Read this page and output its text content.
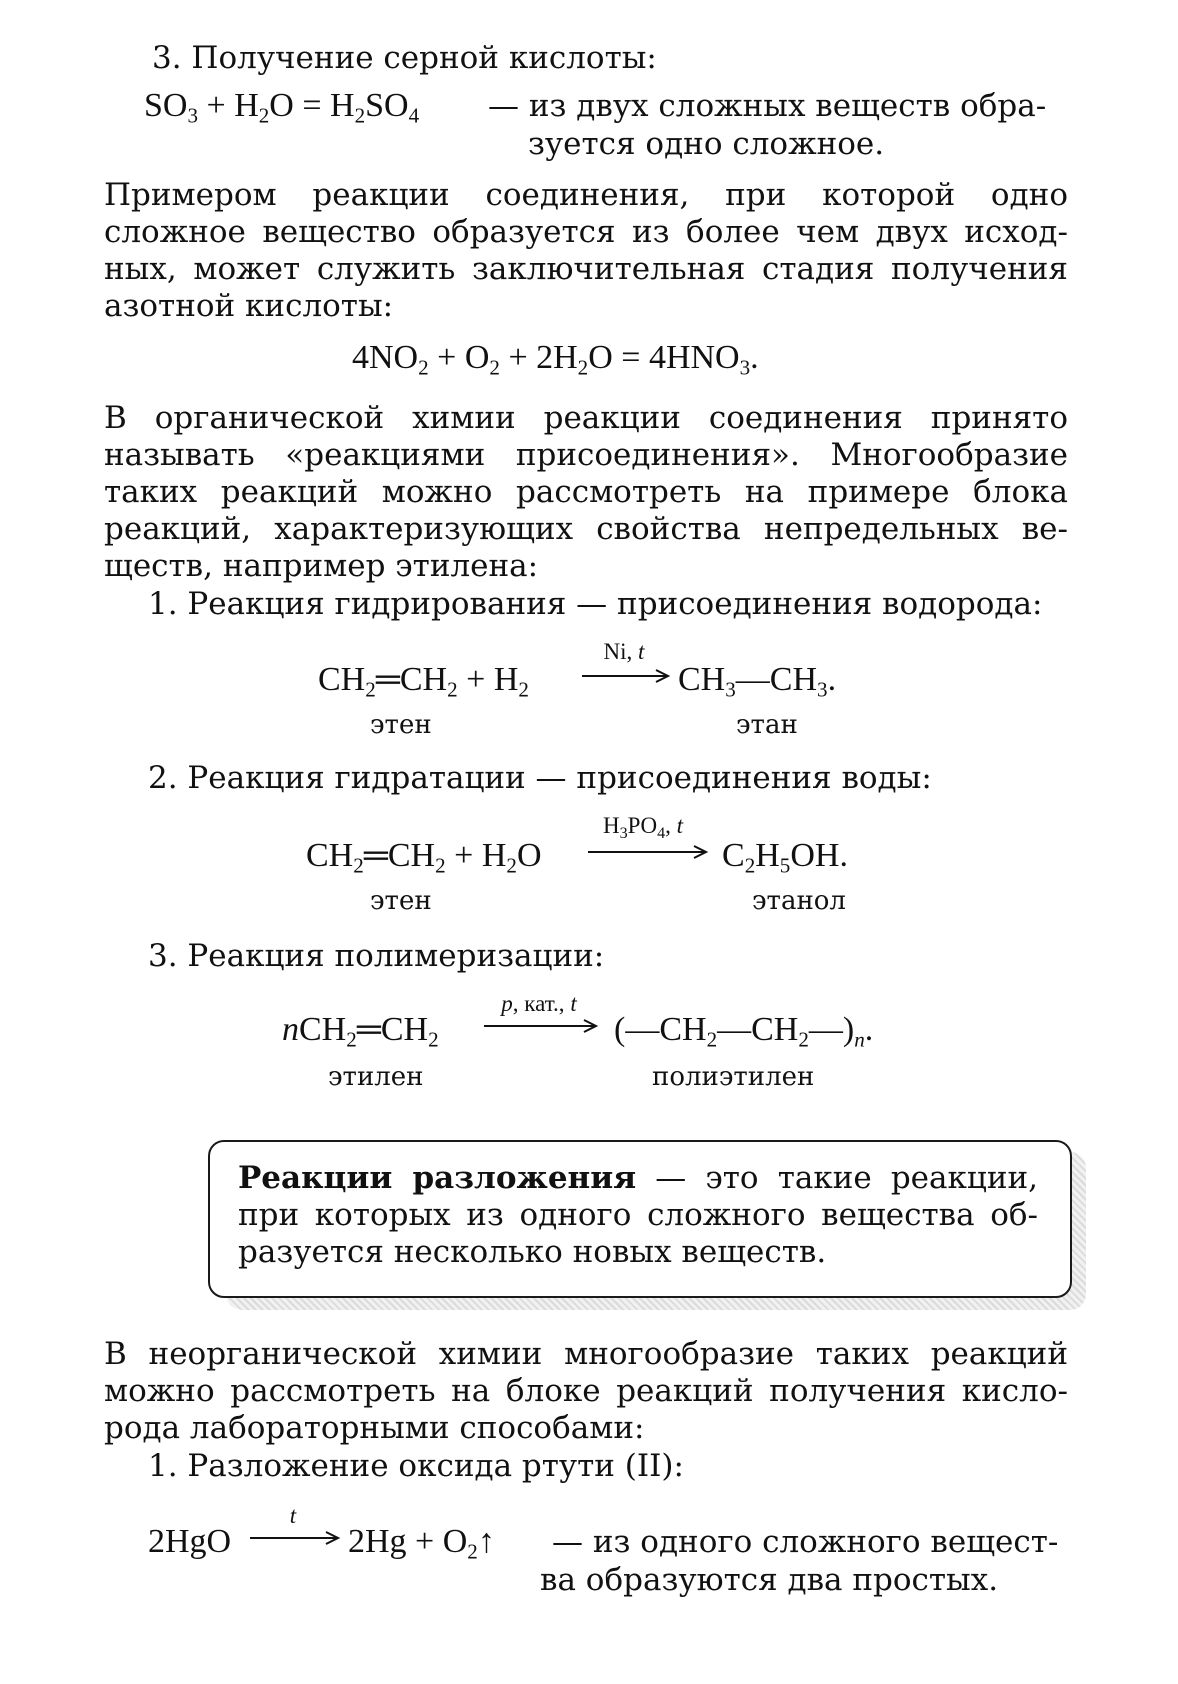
3. Получение серной кислоты:
$SO_3 + H_2O = H_2SO_4$ — из двух сложных веществ обра-
зуется одно сложное.
Примером реакции соединения, при которой одно
сложное вещество образуется из более чем двух исход-
ных, может служить заключительная стадия получения
азотной кислоты:
$4NO_2 + O_2 + 2H_2O = 4HNO_3$.
В органической химии реакции соединения принято
называть «реакциями присоединения». Многообразие
таких реакций можно рассмотреть на примере блока
реакций, характеризующих свойства непредельных ве-
ществ, например этилена:
1. Реакция гидрирования — присоединения водорода:
$CH_2═CH_2 + H_2$
Ni, t
$CH_3—CH_3$.
этен	этан
2. Реакция гидратации — присоединения воды:
$CH_2═CH_2 + H_2O$
$H_3PO_4$, t
$C_2H_5OH$.
этен	этанол
3. Реакция полимеризации:
$nCH_2═CH_2$
p, кат., t
$(—CH_2—CH_2—)_n$.
этилен	полиэтилен
Реакции разложения — это такие реакции,
при которых из одного сложного вещества об-
разуется несколько новых веществ.
В неорганической химии многообразие таких реакций
можно рассмотреть на блоке реакций получения кисло-
рода лабораторными способами:
1. Разложение оксида ртути (II):
2HgO
t
$2Hg + O_2↑$ — из одного сложного вещест-
ва образуются два простых.
